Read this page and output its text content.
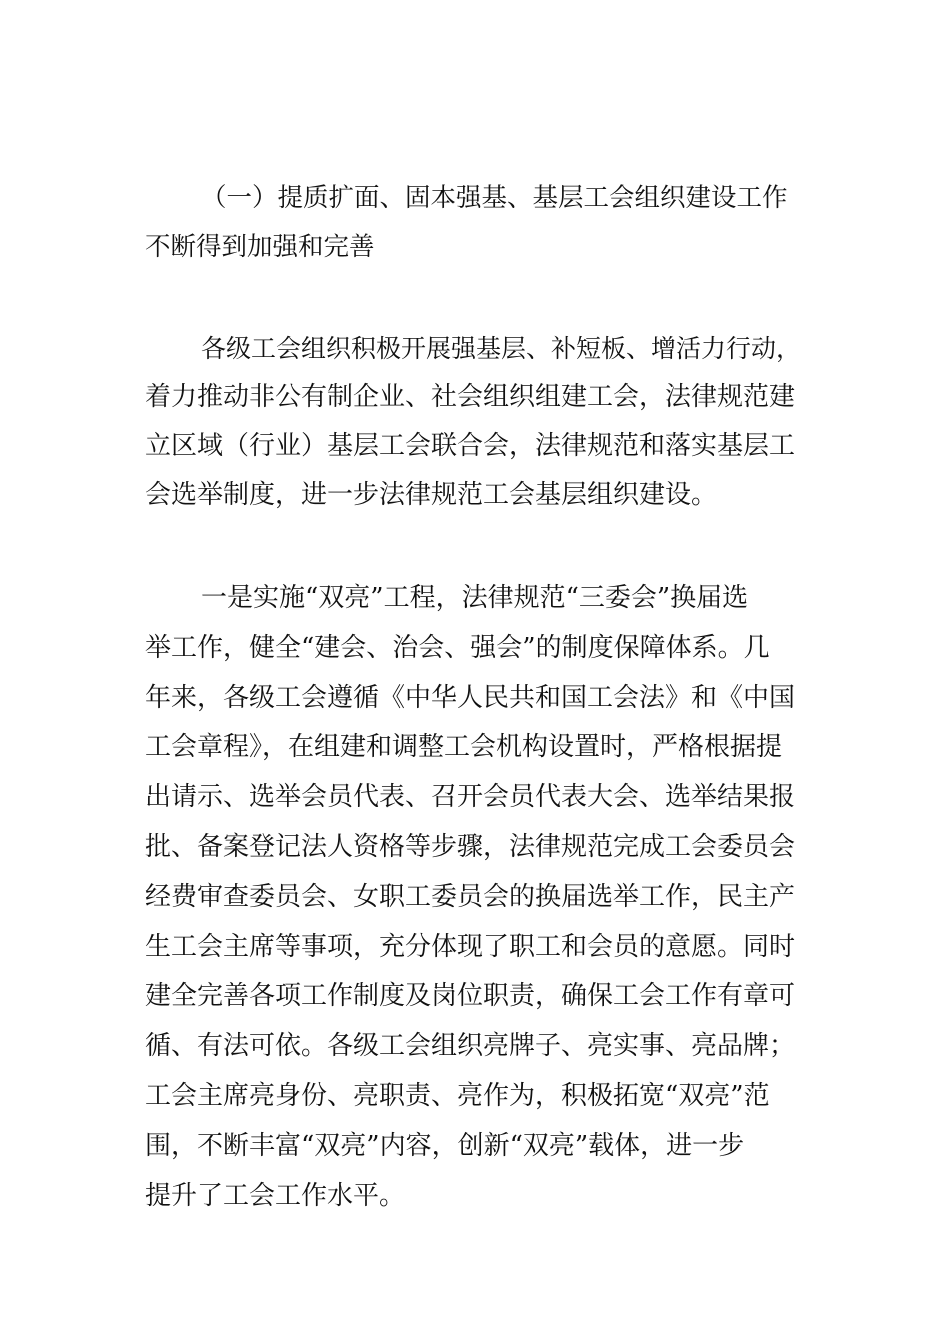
（一）提质扩面、固本强基、基层工会组织建设工作
不断得到加强和完善
各级工会组织积极开展强基层、补短板、增活力行动，
着力推动非公有制企业、社会组织组建工会，法律规范建
立区域（行业）基层工会联合会，法律规范和落实基层工
会选举制度，进一步法律规范工会基层组织建设。
一是实施“双亮”工程，法律规范“三委会”换届选
举工作，健全“建会、治会、强会”的制度保障体系。几
年来，各级工会遵循《中华人民共和国工会法》和《中国
工会章程》，在组建和调整工会机构设置时，严格根据提
出请示、选举会员代表、召开会员代表大会、选举结果报
批、备案登记法人资格等步骤，法律规范完成工会委员会
经费审查委员会、女职工委员会的换届选举工作，民主产
生工会主席等事项，充分体现了职工和会员的意愿。同时
建全完善各项工作制度及岗位职责，确保工会工作有章可
循、有法可依。各级工会组织亮牌子、亮实事、亮品牌；
工会主席亮身份、亮职责、亮作为，积极拓宽“双亮”范
围，不断丰富“双亮”内容，创新“双亮”载体，进一步
提升了工会工作水平。
